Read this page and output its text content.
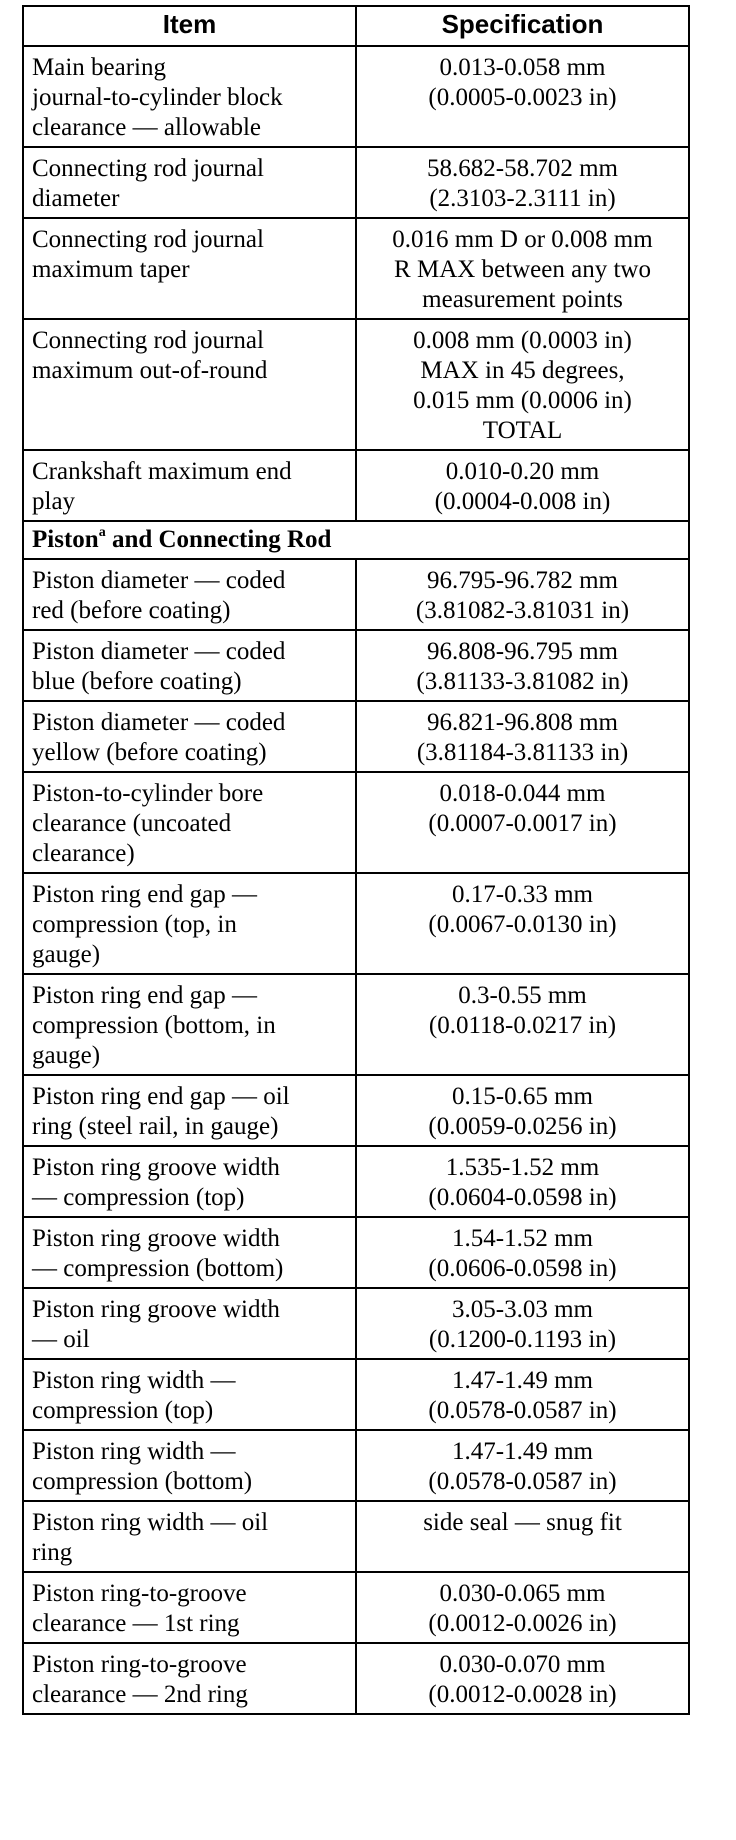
Item	Specification

Main bearing
journal-to-cylinder block
clearance — allowable	0.013-0.058 mm
(0.0005-0.0023 in)

Connecting rod journal
diameter	58.682-58.702 mm
(2.3103-2.3111 in)

Connecting rod journal
maximum taper	0.016 mm D or 0.008 mm
R MAX between any two
measurement points

Connecting rod journal
maximum out-of-round	0.008 mm (0.0003 in)
MAX in 45 degrees,
0.015 mm (0.0006 in)
TOTAL

Crankshaft maximum end
play	0.010-0.20 mm
(0.0004-0.008 in)

Piston$^a$ and Connecting Rod	

Piston diameter — coded
red (before coating)	96.795-96.782 mm
(3.81082-3.81031 in)

Piston diameter — coded
blue (before coating)	96.808-96.795 mm
(3.81133-3.81082 in)

Piston diameter — coded
yellow (before coating)	96.821-96.808 mm
(3.81184-3.81133 in)

Piston-to-cylinder bore
clearance (uncoated
clearance)	0.018-0.044 mm
(0.0007-0.0017 in)

Piston ring end gap —
compression (top, in
gauge)	0.17-0.33 mm
(0.0067-0.0130 in)

Piston ring end gap —
compression (bottom, in
gauge)	0.3-0.55 mm
(0.0118-0.0217 in)

Piston ring end gap — oil
ring (steel rail, in gauge)	0.15-0.65 mm
(0.0059-0.0256 in)

Piston ring groove width
— compression (top)	1.535-1.52 mm
(0.0604-0.0598 in)

Piston ring groove width
— compression (bottom)	1.54-1.52 mm
(0.0606-0.0598 in)

Piston ring groove width
— oil	3.05-3.03 mm
(0.1200-0.1193 in)

Piston ring width —
compression (top)	1.47-1.49 mm
(0.0578-0.0587 in)

Piston ring width —
compression (bottom)	1.47-1.49 mm
(0.0578-0.0587 in)

Piston ring width — oil
ring	side seal — snug fit

Piston ring-to-groove
clearance — 1st ring	0.030-0.065 mm
(0.0012-0.0026 in)

Piston ring-to-groove
clearance — 2nd ring	0.030-0.070 mm
(0.0012-0.0028 in)
